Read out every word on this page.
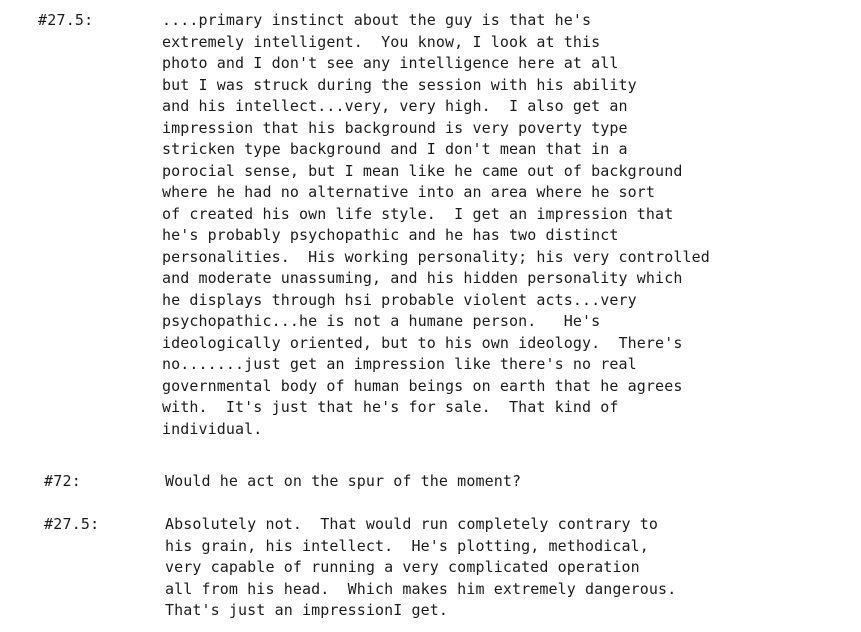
#27.5:	....primary instinct about the guy is that he's
extremely intelligent.  You know, I look at this
photo and I don't see any intelligence here at all
but I was struck during the session with his ability
and his intellect...very, very high.  I also get an
impression that his background is very poverty type
stricken type background and I don't mean that in a
porocial sense, but I mean like he came out of background
where he had no alternative into an area where he sort
of created his own life style.  I get an impression that
he's probably psychopathic and he has two distinct
personalities.  His working personality; his very controlled
and moderate unassuming, and his hidden personality which
he displays through hsi probable violent acts...very
psychopathic...he is not a humane person.   He's
ideologically oriented, but to his own ideology.  There's
no.......just get an impression like there's no real
governmental body of human beings on earth that he agrees
with.  It's just that he's for sale.  That kind of
individual.
#72:	Would he act on the spur of the moment?
#27.5:	Absolutely not.  That would run completely contrary to
his grain, his intellect.  He's plotting, methodical,
very capable of running a very complicated operation
all from his head.  Which makes him extremely dangerous.
That's just an impressionI get.
